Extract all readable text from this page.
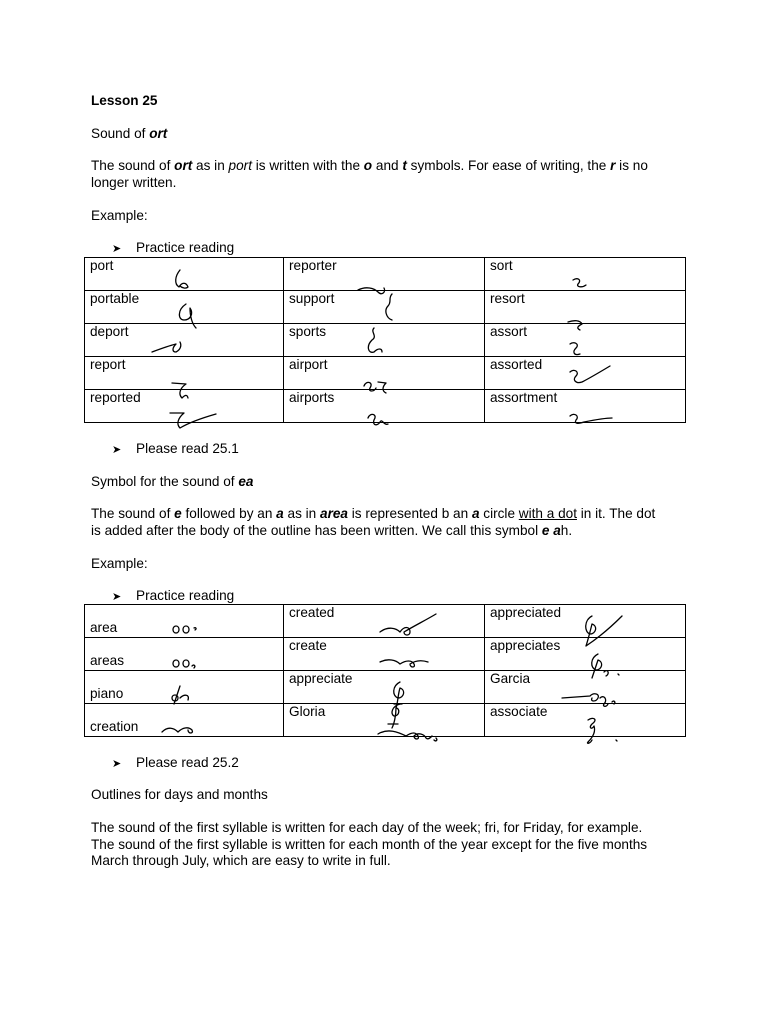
Lesson 25
Sound of ort
The sound of ort as in port is written with the o and t symbols. For ease of writing, the r is no
longer written.
Example:
➤ Practice reading
port	reporter	sort

portable	support	resort

deport	sports	assort

report	airport	assorted

reported	airports	assortment
➤ Please read 25.1
Symbol for the sound of ea
The sound of e followed by an a as in area is represented b an a circle with a dot in it. The dot
is added after the body of the outline has been written. We call this symbol e ah.
Example:
➤ Practice reading
area	created	appreciated

areas	create	appreciates

piano	appreciate	Garcia

creation	Gloria	associate
➤ Please read 25.2
Outlines for days and months
The sound of the first syllable is written for each day of the week; fri, for Friday, for example.
The sound of the first syllable is written for each month of the year except for the five months
March through July, which are easy to write in full.
